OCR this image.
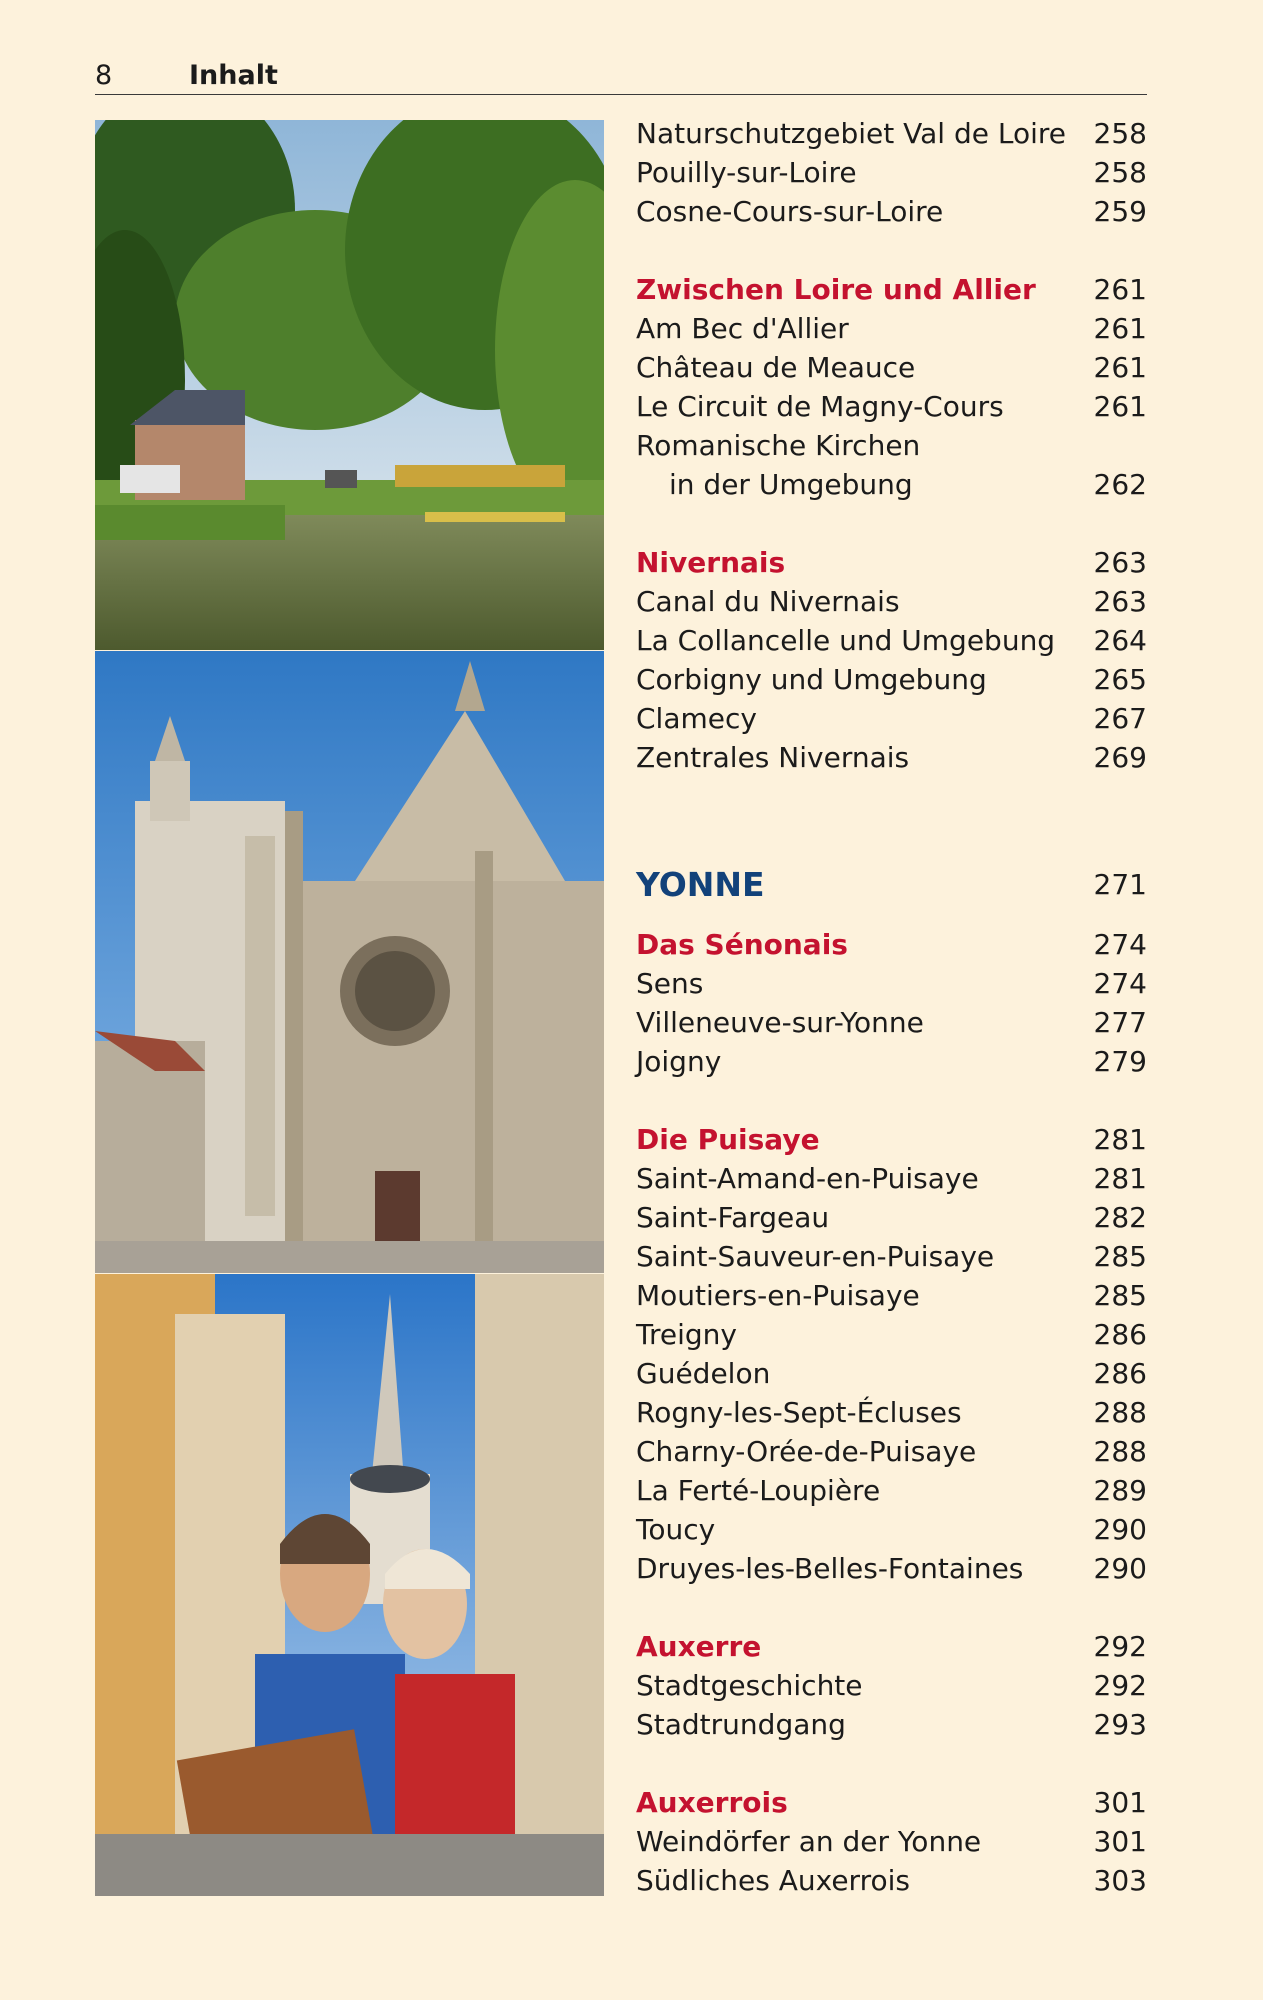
8	Inhalt
Naturschutzgebiet Val de Loire 258
Pouilly-sur-Loire	258
Cosne-Cours-sur-Loire	259
Zwischen Loire und Allier 261
Am Bec d'Allier	261
Château de Meauce	261
Le Circuit de Magny-Cours	261
Romanische Kirchen
in der Umgebung	262
Nivernais	263
Canal du Nivernais	263
La Collancelle und Umgebung 264
Corbigny und Umgebung	265
Clamecy	267
Zentrales Nivernais	269
YONNE	271
Das Sénonais	274
Sens	274
Villeneuve-sur-Yonne	277
Joigny	279
Die Puisaye	281
Saint-Amand-en-Puisaye	281
Saint-Fargeau	282
Saint-Sauveur-en-Puisaye	285
Moutiers-en-Puisaye	285
Treigny	286
Guédelon	286
Rogny-les-Sept-Écluses	288
Charny-Orée-de-Puisaye	288
La Ferté-Loupière	289
Toucy	290
Druyes-les-Belles-Fontaines	290
Auxerre	292
Stadtgeschichte	292
Stadtrundgang	293
Auxerrois	301
Weindörfer an der Yonne	301
Südliches Auxerrois	303
